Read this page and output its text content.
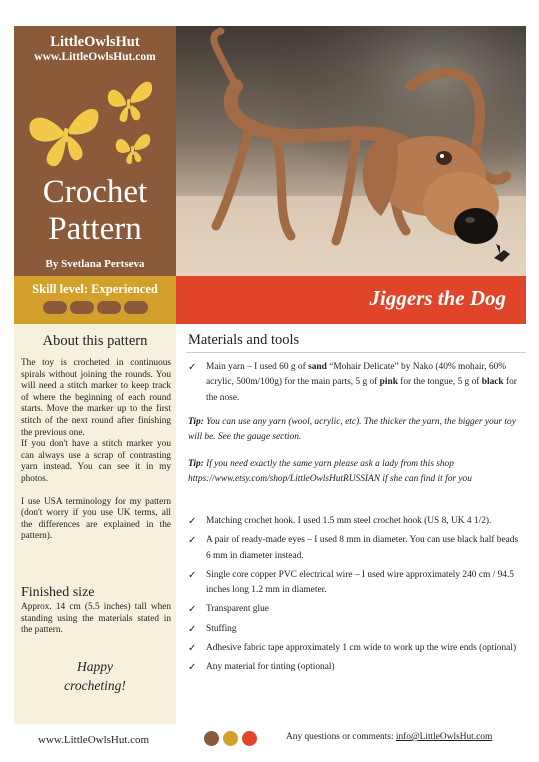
LittleOwlsHut
www.LittleOwlsHut.com
Crochet
Pattern
By Svetlana Pertseva
Skill level: Experienced	Jiggers the Dog
About this pattern

The toy is crocheted in continuous spirals without joining the rounds. You will need a stitch marker to keep track of where the beginning of each round starts. Move the marker up to the first stitch of the next round after finishing the previous one.

If you don't have a stitch marker you can always use a scrap of contrasting yarn instead. You can see it in my photos.

I use USA terminology for my pattern (don't worry if you use UK terms, all the differences are explained in the pattern).

Finished size
Approx. 14 cm (5.5 inches) tall when standing using the materials stated in the pattern.
Happy
crocheting!
Materials and tools
✓ Main yarn – I used 60 g of sand “Mohair Delicate” by Nako (40% mohair, 60% acrylic, 500m/100g) for the main parts, 5 g of pink for the tongue, 5 g of black for the nose.
Tip: You can use any yarn (wool, acrylic, etc). The thicker the yarn, the bigger your toy will be. See the gauge section.
Tip: If you need exactly the same yarn please ask a lady from this shop https://www.etsy.com/shop/LittleOwlsHutRUSSIAN if she can find it for you
✓ Matching crochet hook. I used 1.5 mm steel crochet hook (US 8, UK 4 1/2).
✓ A pair of ready-made eyes – I used 8 mm in diameter. You can use black half beads 6 mm in diameter instead.
✓ Single core copper PVC electrical wire – I used wire approximately 240 cm / 94.5 inches long 1.2 mm in diameter.
✓ Transparent glue
✓ Stuffing
✓ Adhesive fabric tape approximately 1 cm wide to work up the wire ends (optional)
✓ Any material for tinting (optional)
www.LittleOwlsHut.com	Any questions or comments: info@LittleOwlsHut.com
